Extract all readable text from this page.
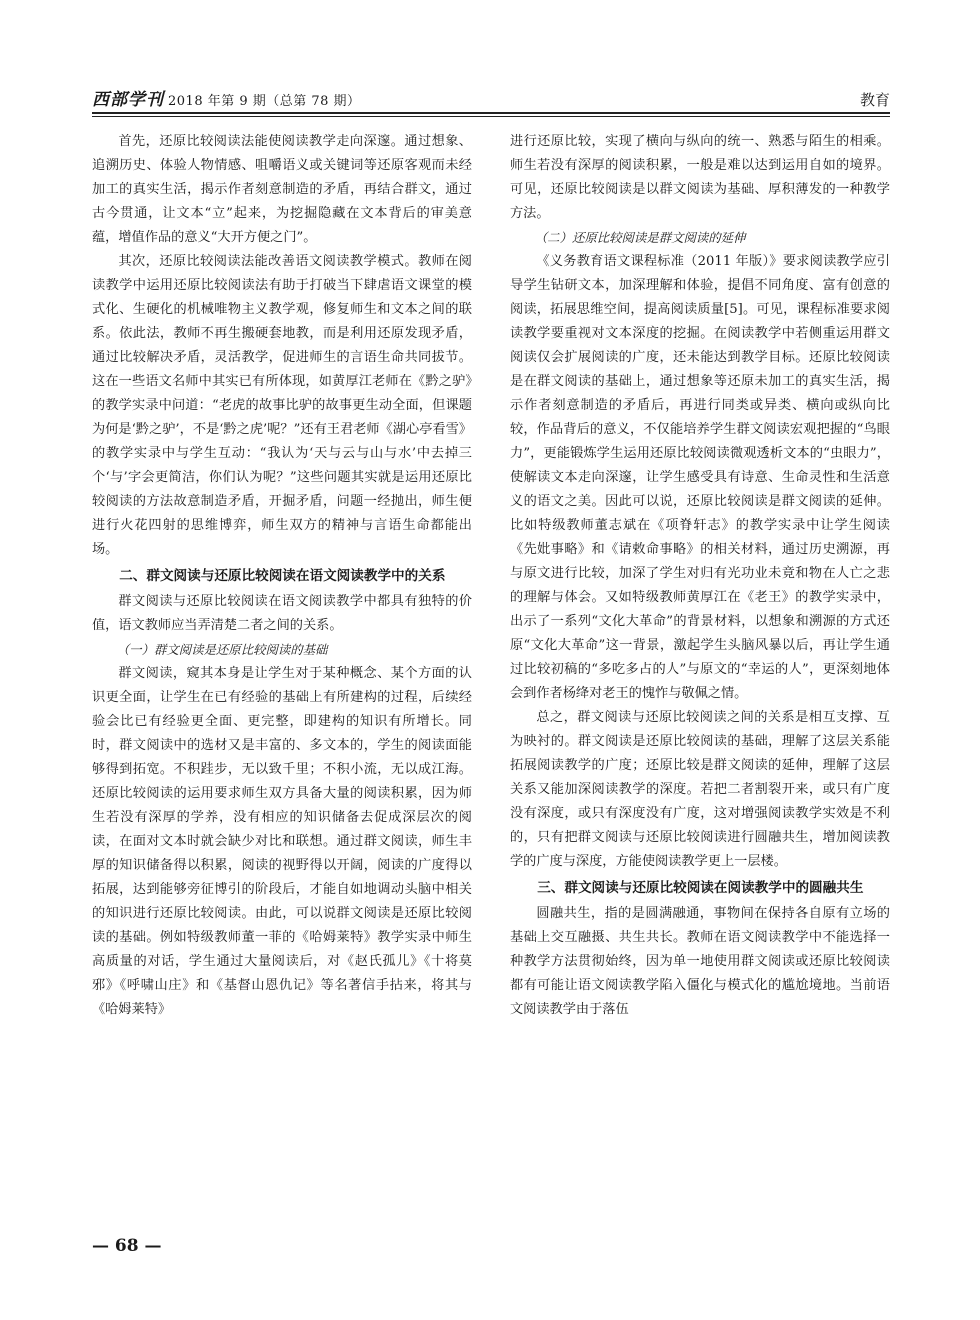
西部学刊 2018 年第 9 期（总第 78 期）	教育

首先，还原比较阅读法能使阅读教学走向深邃。通过想象、追溯历史、体验人物情感、咀嚼语义或关键词等还原客观而未经加工的真实生活，揭示作者刻意制造的矛盾，再结合群文，通过古今贯通，让文本“立”起来，为挖掘隐藏在文本背后的审美意蕴，增值作品的意义“大开方便之门”。

其次，还原比较阅读法能改善语文阅读教学模式。教师在阅读教学中运用还原比较阅读法有助于打破当下肆虐语文课堂的模式化、生硬化的机械唯物主义教学观，修复师生和文本之间的联系。依此法，教师不再生搬硬套地教，而是利用还原发现矛盾，通过比较解决矛盾，灵活教学，促进师生的言语生命共同拔节。这在一些语文名师中其实已有所体现，如黄厚江老师在《黔之驴》的教学实录中问道：“老虎的故事比驴的故事更生动全面，但课题为何是‘黔之驴’，不是‘黔之虎’呢？”还有王君老师《湖心亭看雪》的教学实录中与学生互动：“我认为‘天与云与山与水’中去掉三个‘与’字会更简洁，你们认为呢？”这些问题其实就是运用还原比较阅读的方法故意制造矛盾，开掘矛盾，问题一经抛出，师生便进行火花四射的思维博弈，师生双方的精神与言语生命都能出场。

二、群文阅读与还原比较阅读在语文阅读教学中的关系

群文阅读与还原比较阅读在语文阅读教学中都具有独特的价值，语文教师应当弄清楚二者之间的关系。

（一）群文阅读是还原比较阅读的基础

群文阅读，窥其本身是让学生对于某种概念、某个方面的认识更全面，让学生在已有经验的基础上有所建构的过程，后续经验会比已有经验更全面、更完整，即建构的知识有所增长。同时，群文阅读中的选材又是丰富的、多文本的，学生的阅读面能够得到拓宽。不积跬步，无以致千里；不积小流，无以成江海。还原比较阅读的运用要求师生双方具备大量的阅读积累，因为师生若没有深厚的学养，没有相应的知识储备去促成深层次的阅读，在面对文本时就会缺少对比和联想。通过群文阅读，师生丰厚的知识储备得以积累，阅读的视野得以开阔，阅读的广度得以拓展，达到能够旁征博引的阶段后，才能自如地调动头脑中相关的知识进行还原比较阅读。由此，可以说群文阅读是还原比较阅读的基础。例如特级教师董一菲的《哈姆莱特》教学实录中师生高质量的对话，学生通过大量阅读后，对《赵氏孤儿》《十将莫邪》《呼啸山庄》和《基督山恩仇记》等名著信手拈来，将其与《哈姆莱特》

进行还原比较，实现了横向与纵向的统一、熟悉与陌生的相乘。师生若没有深厚的阅读积累，一般是难以达到运用自如的境界。可见，还原比较阅读是以群文阅读为基础、厚积薄发的一种教学方法。

（二）还原比较阅读是群文阅读的延伸

《义务教育语文课程标准（2011 年版）》要求阅读教学应引导学生钻研文本，加深理解和体验，提倡不同角度、富有创意的阅读，拓展思维空间，提高阅读质量[5]。可见，课程标准要求阅读教学要重视对文本深度的挖掘。在阅读教学中若侧重运用群文阅读仅会扩展阅读的广度，还未能达到教学目标。还原比较阅读是在群文阅读的基础上，通过想象等还原未加工的真实生活，揭示作者刻意制造的矛盾后，再进行同类或异类、横向或纵向比较，作品背后的意义，不仅能培养学生群文阅读宏观把握的“鸟眼力”，更能锻炼学生运用还原比较阅读微观透析文本的“虫眼力”，使解读文本走向深邃，让学生感受具有诗意、生命灵性和生活意义的语文之美。因此可以说，还原比较阅读是群文阅读的延伸。比如特级教师董志斌在《项脊轩志》的教学实录中让学生阅读《先妣事略》和《请敕命事略》的相关材料，通过历史溯源，再与原文进行比较，加深了学生对归有光功业未竟和物在人亡之悲的理解与体会。又如特级教师黄厚江在《老王》的教学实录中，出示了一系列“文化大革命”的背景材料，以想象和溯源的方式还原“文化大革命”这一背景，激起学生头脑风暴以后，再让学生通过比较初稿的“多吃多占的人”与原文的“幸运的人”，更深刻地体会到作者杨绛对老王的愧怍与敬佩之情。

总之，群文阅读与还原比较阅读之间的关系是相互支撑、互为映衬的。群文阅读是还原比较阅读的基础，理解了这层关系能拓展阅读教学的广度；还原比较是群文阅读的延伸，理解了这层关系又能加深阅读教学的深度。若把二者割裂开来，或只有广度没有深度，或只有深度没有广度，这对增强阅读教学实效是不利的，只有把群文阅读与还原比较阅读进行圆融共生，增加阅读教学的广度与深度，方能使阅读教学更上一层楼。

三、群文阅读与还原比较阅读在阅读教学中的圆融共生

圆融共生，指的是圆满融通，事物间在保持各自原有立场的基础上交互融摄、共生共长。教师在语文阅读教学中不能选择一种教学方法贯彻始终，因为单一地使用群文阅读或还原比较阅读都有可能让语文阅读教学陷入僵化与模式化的尴尬境地。当前语文阅读教学由于落伍

— 68 —
